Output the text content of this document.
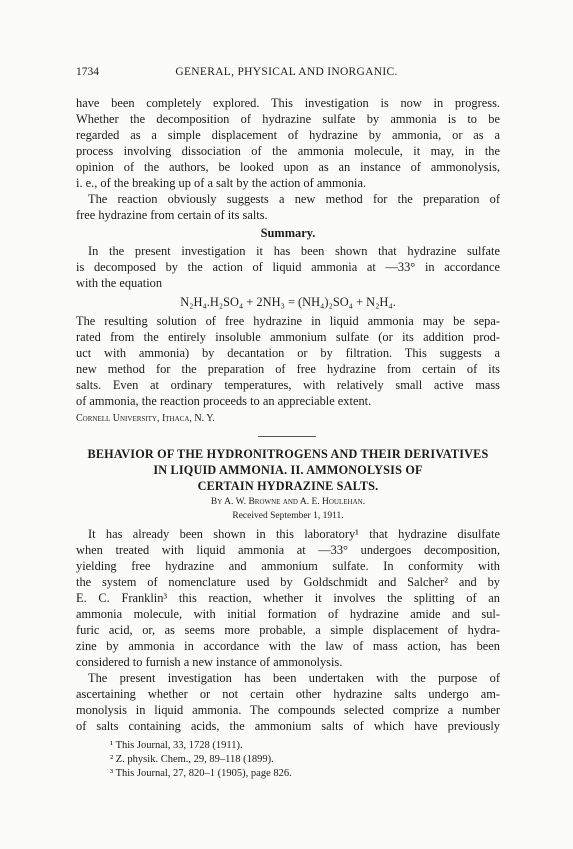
1734	GENERAL, PHYSICAL AND INORGANIC.
have been completely explored. This investigation is now in progress.
Whether the decomposition of hydrazine sulfate by ammonia is to be
regarded as a simple displacement of hydrazine by ammonia, or as a
process involving dissociation of the ammonia molecule, it may, in the
opinion of the authors, be looked upon as an instance of ammonolysis,
i. e., of the breaking up of a salt by the action of ammonia.
The reaction obviously suggests a new method for the preparation of
free hydrazine from certain of its salts.
Summary.
In the present investigation it has been shown that hydrazine sulfate
is decomposed by the action of liquid ammonia at —33° in accordance
with the equation
N₂H₄.H₂SO₄ + 2NH₃ = (NH₄)₂SO₄ + N₂H₄.
The resulting solution of free hydrazine in liquid ammonia may be sepa-
rated from the entirely insoluble ammonium sulfate (or its addition prod-
uct with ammonia) by decantation or by filtration. This suggests a
new method for the preparation of free hydrazine from certain of its
salts. Even at ordinary temperatures, with relatively small active mass
of ammonia, the reaction proceeds to an appreciable extent.
Cornell University, Ithaca, N. Y.
BEHAVIOR OF THE HYDRONITROGENS AND THEIR DERIVATIVES
IN LIQUID AMMONIA. II. AMMONOLYSIS OF
CERTAIN HYDRAZINE SALTS.
By A. W. Browne and A. E. Houlehan.
Received September 1, 1911.
It has already been shown in this laboratory¹ that hydrazine disulfate
when treated with liquid ammonia at —33° undergoes decomposition,
yielding free hydrazine and ammonium sulfate. In conformity with
the system of nomenclature used by Goldschmidt and Salcher² and by
E. C. Franklin³ this reaction, whether it involves the splitting of an
ammonia molecule, with initial formation of hydrazine amide and sul-
furic acid, or, as seems more probable, a simple displacement of hydra-
zine by ammonia in accordance with the law of mass action, has been
considered to furnish a new instance of ammonolysis.
The present investigation has been undertaken with the purpose of
ascertaining whether or not certain other hydrazine salts undergo am-
monolysis in liquid ammonia. The compounds selected comprize a number
of salts containing acids, the ammonium salts of which have previously
¹ This Journal, 33, 1728 (1911).
² Z. physik. Chem., 29, 89–118 (1899).
³ This Journal, 27, 820–1 (1905), page 826.
